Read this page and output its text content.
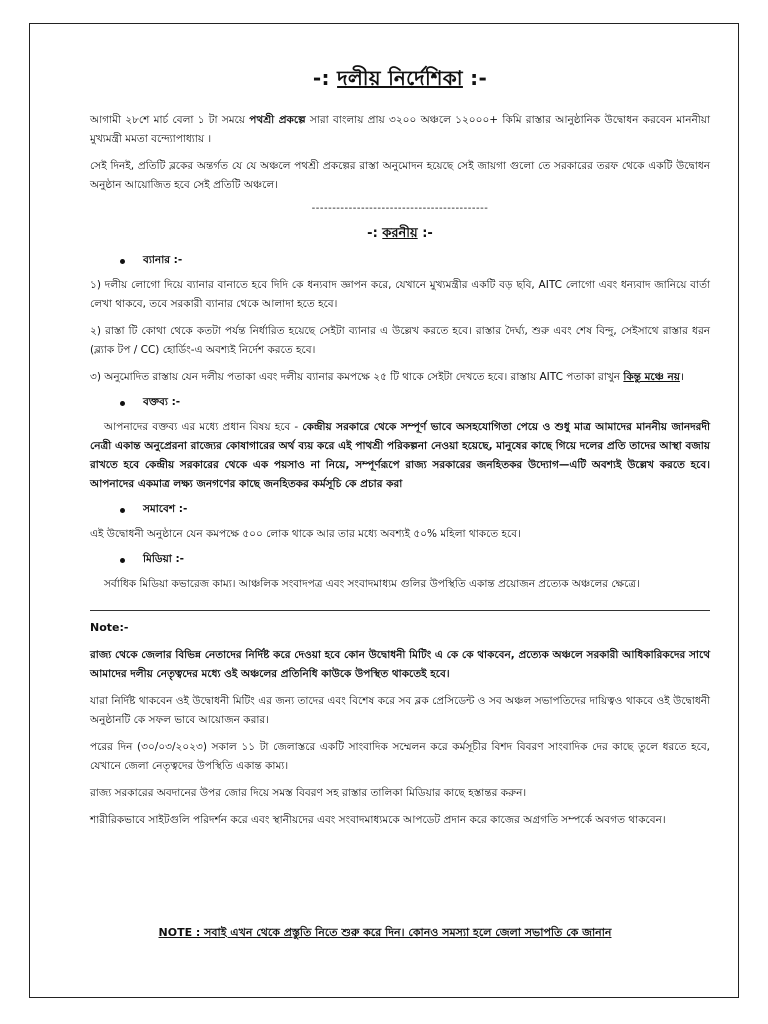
-: দলীয় নির্দেশিকা :-

আগামী ২৮শে মার্চ বেলা ১ টা সময়ে পথশ্রী প্রকল্পে সারা বাংলায় প্রায় ৩২০০ অঞ্চলে ১২০০০+ কিমি রাস্তার আনুষ্ঠানিক উদ্বোধন করবেন মাননীয়া মুখ্যমন্ত্রী মমতা বন্দ্যোপাধ্যায় ।

সেই দিনই, প্রতিটি ব্লকের অন্তর্গত যে যে অঞ্চলে পথশ্রী প্রকল্পের রাস্তা অনুমোদন হয়েছে সেই জায়গা গুলো তে সরকারের তরফ থেকে একটি উদ্বোধন অনুষ্ঠান আয়োজিত হবে সেই প্রতিটি অঞ্চলে।

-------------------------------------------
-: করনীয় :-
ব্যানার :-

১) দলীয় লোগো দিয়ে ব্যানার বানাতে হবে দিদি কে ধন্যবাদ জ্ঞাপন করে, যেখানে মুখ্যমন্ত্রীর একটি বড় ছবি, AITC লোগো এবং ধন্যবাদ জানিয়ে বার্তা লেখা থাকবে, তবে সরকারী ব্যানার থেকে আলাদা হতে হবে।

২) রাস্তা টি কোথা থেকে কতটা পর্যন্ত নির্ধারিত হয়েছে সেইটা ব্যানার এ উল্লেখ করতে হবে। রাস্তার দৈর্ঘ্য, শুরু এবং শেষ বিন্দু, সেইসাথে রাস্তার ধরন (ব্ল্যাক টপ / CC) হোর্ডিং-এ অবশ্যই নির্দেশ করতে হবে।

৩) অনুমোদিত রাস্তায় যেন দলীয় পতাকা এবং দলীয় ব্যানার কমপক্ষে ২৫ টি থাকে সেইটা দেখতে হবে। রাস্তায় AITC পতাকা রাখুন কিন্তু মঞ্চে নয়।

বক্তব্য :-

আপনাদের বক্তব্য এর মধ্যে প্রধান বিষয় হবে - কেন্দ্রীয় সরকারে থেকে সম্পূর্ণ ভাবে অসহযোগিতা পেয়ে ও শুধু মাত্র আমাদের মাননীয় জানদরদী নেত্রী একান্ত অনুপ্রেরনা রাজ্যের কোষাগারের অর্থ ব্যয় করে এই পাথশ্রী পরিকল্পনা নেওয়া হয়েছে, মানুষের কাছে গিয়ে দলের প্রতি তাদের আস্থা বজায় রাখতে হবে কেন্দ্রীয় সরকারের থেকে এক পয়সাও না নিয়ে, সম্পূর্ণরূপে রাজ্য সরকারের জনহিতকর উদ্যোগ—এটি অবশ্যই উল্লেখ করতে হবে। আপনাদের একমাত্র লক্ষ্য জনগণের কাছে জনহিতকর কর্মসূচি কে প্রচার করা

সমাবেশ :-

এই উদ্বোধনী অনুষ্ঠানে যেন কমপক্ষে ৫০০ লোক থাকে আর তার মধ্যে অবশ্যই ৫০% মহিলা থাকতে হবে।

মিডিয়া :-

সর্বাধিক মিডিয়া কভারেজ কাম্য। আঞ্চলিক সংবাদপত্র এবং সংবাদমাধ্যম গুলির উপস্থিতি একান্ত প্রয়োজন প্রত্যেক অঞ্চলের ক্ষেত্রে।

Note:-

রাজ্য থেকে জেলার বিভিন্ন নেতাদের নির্দিষ্ট করে দেওয়া হবে কোন উদ্বোধনী মিটিং এ কে কে থাকবেন, প্রত্যেক অঞ্চলে সরকারী আধিকারিকদের সাথে আমাদের দলীয় নেতৃত্বদের মধ্যে ওই অঞ্চলের প্রতিনিধি কাউকে উপস্থিত থাকতেই হবে।

যারা নির্দিষ্ট থাকবেন ওই উদ্বোধনী মিটিং এর জন্য তাদের এবং বিশেষ করে সব ব্লক প্রেসিডেন্ট ও সব অঞ্চল সভাপতিদের দায়িত্বও থাকবে ওই উদ্বোধনী অনুষ্ঠানটি কে সফল ভাবে আয়োজন করার।

পরের দিন (৩০/০৩/২০২৩) সকাল ১১ টা জেলাস্তরে একটি সাংবাদিক সম্মেলন করে কর্মসূচীর বিশদ বিবরণ সাংবাদিক দের কাছে তুলে ধরতে হবে, যেখানে জেলা নেতৃত্বদের উপস্থিতি একান্ত কাম্য।

রাজ্য সরকারের অবদানের উপর জোর দিয়ে সমস্ত বিবরণ সহ রাস্তার তালিকা মিডিয়ার কাছে হস্তান্তর করুন।

শারীরিকভাবে সাইটগুলি পরিদর্শন করে এবং স্থানীয়দের এবং সংবাদমাধ্যমকে আপডেট প্রদান করে কাজের অগ্রগতি সম্পর্কে অবগত থাকবেন।

NOTE : সবাই এখন থেকে প্রস্তুতি নিতে শুরু করে দিন। কোনও সমস্যা হলে জেলা সভাপতি কে জানান
